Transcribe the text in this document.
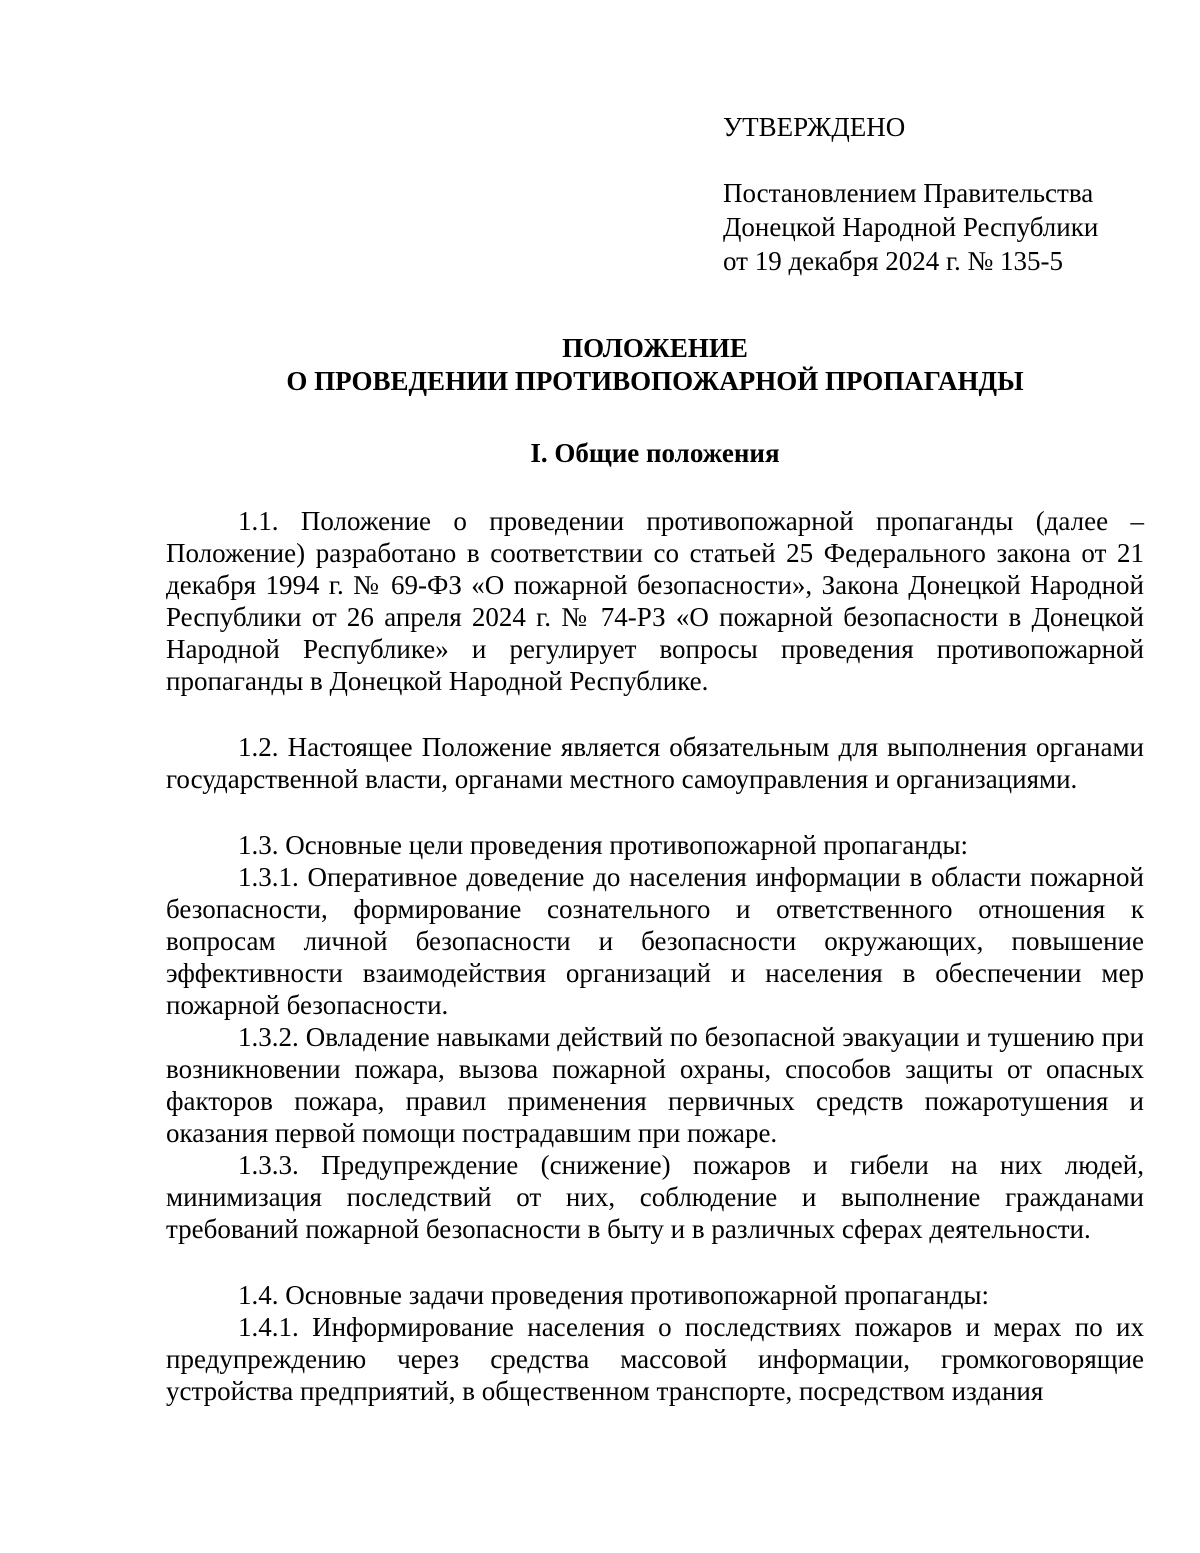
УТВЕРЖДЕНО
Постановлением Правительства
Донецкой Народной Республики
от 19 декабря 2024 г. № 135-5
ПОЛОЖЕНИЕ
О ПРОВЕДЕНИИ ПРОТИВОПОЖАРНОЙ ПРОПАГАНДЫ
I. Общие положения

1.1. Положение о проведении противопожарной пропаганды (далее – Положение) разработано в соответствии со статьей 25 Федерального закона от 21 декабря 1994 г. № 69-ФЗ «О пожарной безопасности», Закона Донецкой Народной Республики от 26 апреля 2024 г. № 74-РЗ «О пожарной безопасности в Донецкой Народной Республике» и регулирует вопросы проведения противопожарной пропаганды в Донецкой Народной Республике.

1.2. Настоящее Положение является обязательным для выполнения органами государственной власти, органами местного самоуправления и организациями.

1.3. Основные цели проведения противопожарной пропаганды:

1.3.1. Оперативное доведение до населения информации в области пожарной безопасности, формирование сознательного и ответственного отношения к вопросам личной безопасности и безопасности окружающих, повышение эффективности взаимодействия организаций и населения в обеспечении мер пожарной безопасности.

1.3.2. Овладение навыками действий по безопасной эвакуации и тушению при возникновении пожара, вызова пожарной охраны, способов защиты от опасных факторов пожара, правил применения первичных средств пожаротушения и оказания первой помощи пострадавшим при пожаре.

1.3.3. Предупреждение (снижение) пожаров и гибели на них людей, минимизация последствий от них, соблюдение и выполнение гражданами требований пожарной безопасности в быту и в различных сферах деятельности.

1.4. Основные задачи проведения противопожарной пропаганды:

1.4.1. Информирование населения о последствиях пожаров и мерах по их предупреждению через средства массовой информации, громкоговорящие устройства предприятий, в общественном транспорте, посредством издания
